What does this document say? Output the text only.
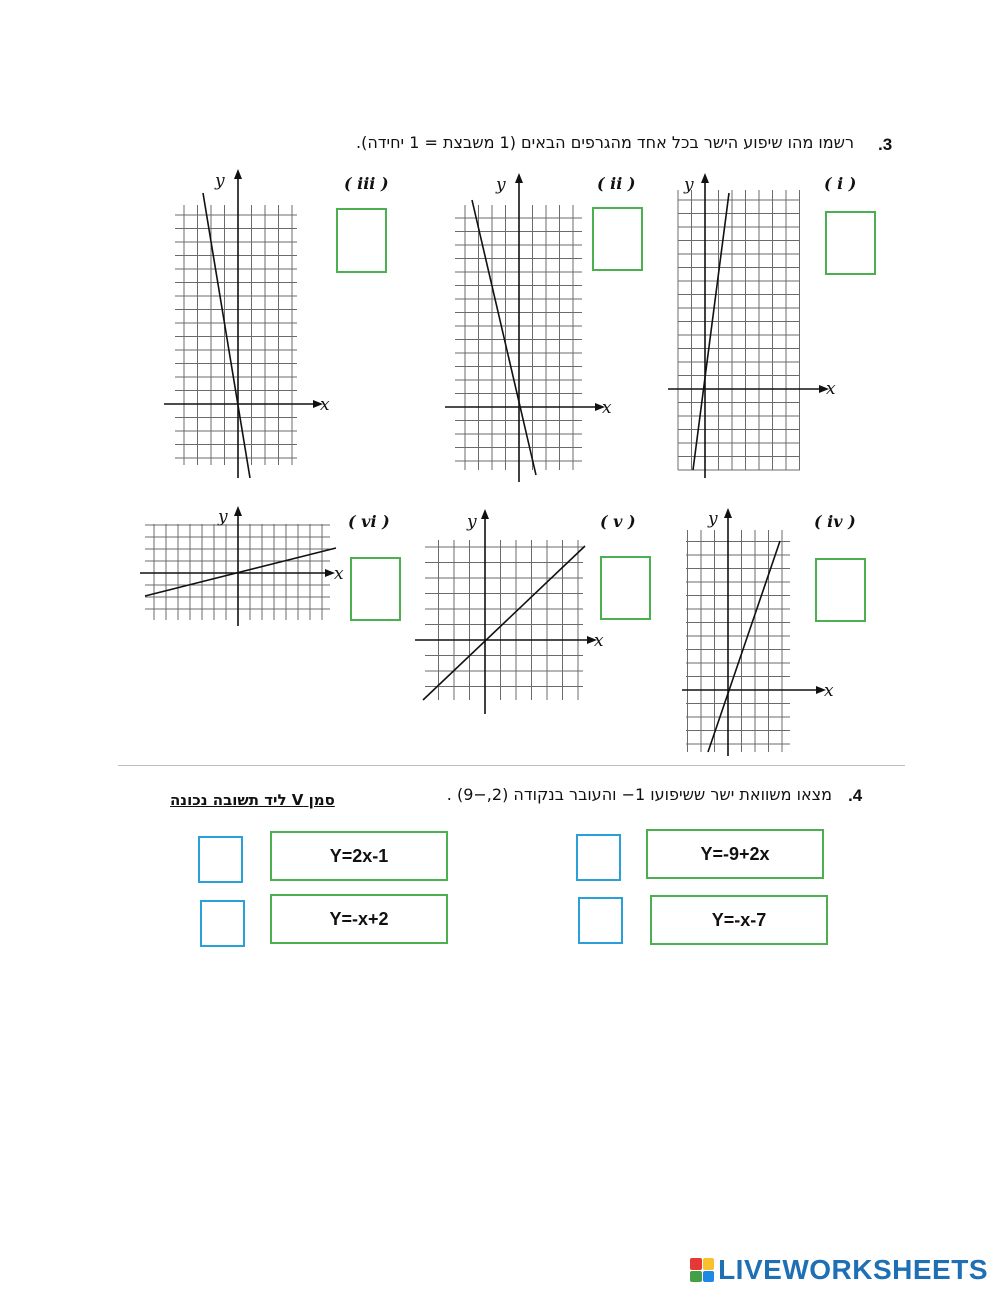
.3
רשמו מהו שיפוע הישר בכל אחד מהגרפים הבאים (1 משבצת = 1 יחידה).
( i )
( ii )
( iii )
( iv )
( v )
( vi )
x
y
x
y
x
y
x
y
x
y
x
y
.4
מצאו משוואת ישר ששיפועו 1− והעובר בנקודה (2,−9) .
סמן V ליד תשובה נכונה
Y=-9+2x
Y=2x-1
Y=-x-7
Y=-x+2
LIVEWORKSHEETS
